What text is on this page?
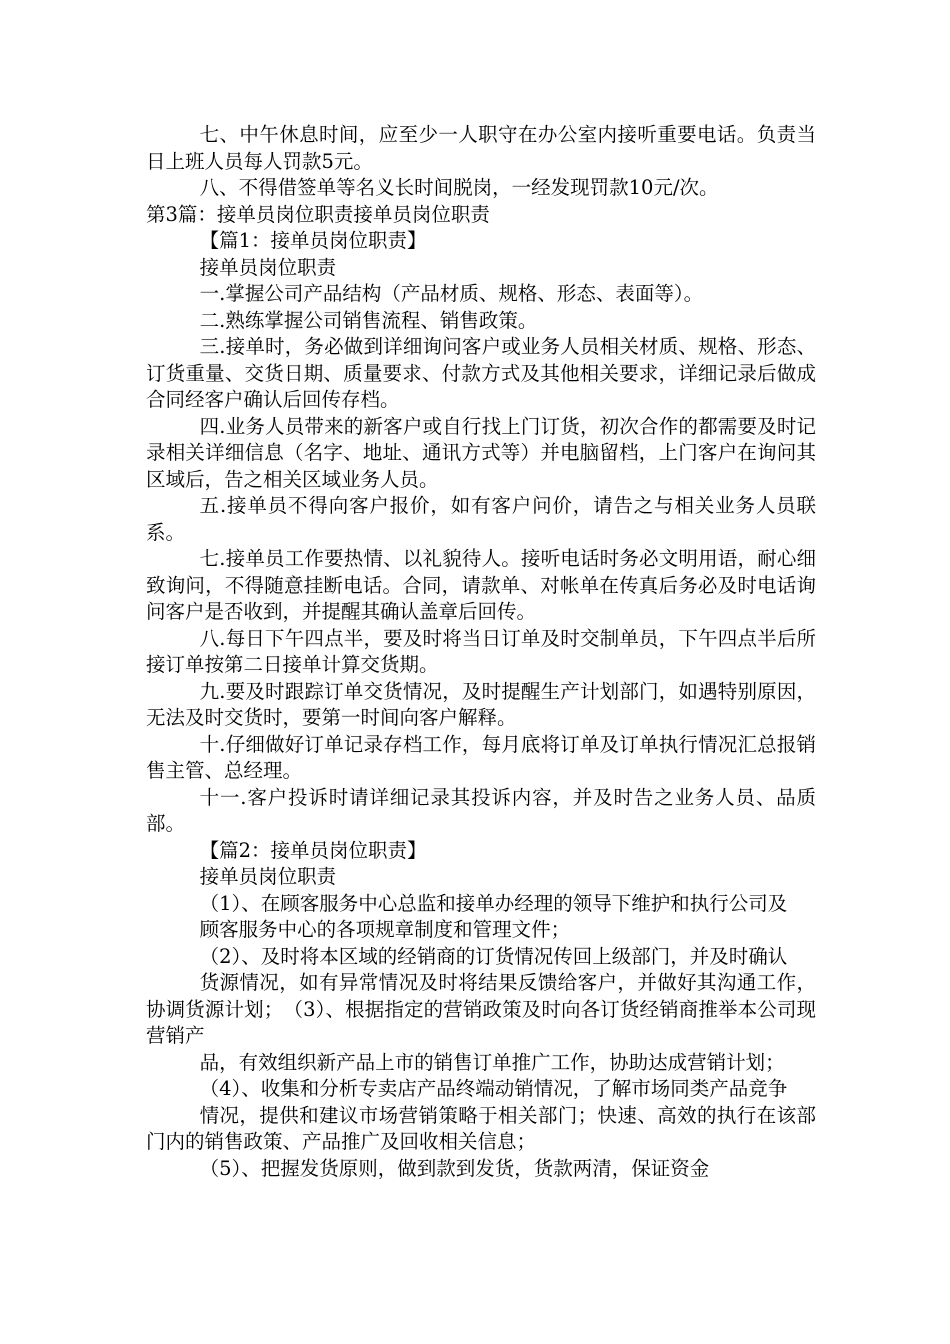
七、中午休息时间，应至少一人职守在办公室内接听重要电话。负责当日上班人员每人罚款5元。

八、不得借签单等名义长时间脱岗，一经发现罚款10元/次。

第3篇：接单员岗位职责接单员岗位职责

【篇1：接单员岗位职责】

接单员岗位职责

一.掌握公司产品结构（产品材质、规格、形态、表面等）。

二.熟练掌握公司销售流程、销售政策。

三.接单时，务必做到详细询问客户或业务人员相关材质、规格、形态、订货重量、交货日期、质量要求、付款方式及其他相关要求，详细记录后做成合同经客户确认后回传存档。

四.业务人员带来的新客户或自行找上门订货，初次合作的都需要及时记录相关详细信息（名字、地址、通讯方式等）并电脑留档，上门客户在询问其区域后，告之相关区域业务人员。

五.接单员不得向客户报价，如有客户问价，请告之与相关业务人员联系。

七.接单员工作要热情、以礼貌待人。接听电话时务必文明用语，耐心细致询问，不得随意挂断电话。合同，请款单、对帐单在传真后务必及时电话询问客户是否收到，并提醒其确认盖章后回传。

八.每日下午四点半，要及时将当日订单及时交制单员，下午四点半后所接订单按第二日接单计算交货期。

九.要及时跟踪订单交货情况，及时提醒生产计划部门，如遇特别原因，无法及时交货时，要第一时间向客户解释。

十.仔细做好订单记录存档工作，每月底将订单及订单执行情况汇总报销售主管、总经理。

十一.客户投诉时请详细记录其投诉内容，并及时告之业务人员、品质部。

【篇2：接单员岗位职责】

接单员岗位职责

（1）、在顾客服务中心总监和接单办经理的领导下维护和执行公司及

顾客服务中心的各项规章制度和管理文件；

（2）、及时将本区域的经销商的订货情况传回上级部门，并及时确认

货源情况，如有异常情况及时将结果反馈给客户，并做好其沟通工作，协调货源计划；　（3）、根据指定的营销政策及时向各订货经销商推举本公司现营销产

品，有效组织新产品上市的销售订单推广工作，协助达成营销计划；

（4）、收集和分析专卖店产品终端动销情况，了解市场同类产品竞争

情况，提供和建议市场营销策略于相关部门；快速、高效的执行在该部门内的销售政策、产品推广及回收相关信息；

（5）、把握发货原则，做到款到发货，货款两清，保证资金
